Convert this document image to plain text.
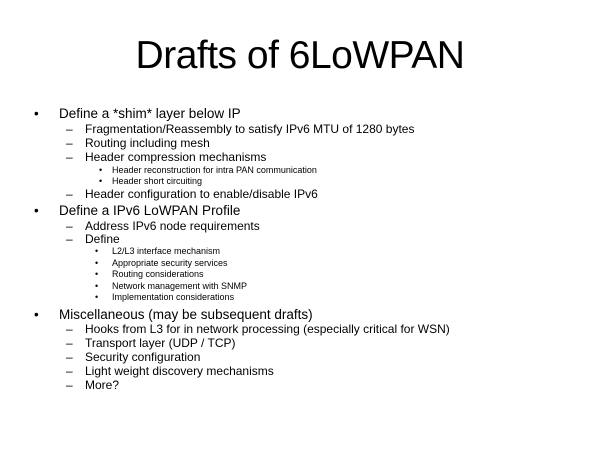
Drafts of 6LoWPAN
• Define a *shim* layer below IP
– Fragmentation/Reassembly to satisfy IPv6 MTU of 1280 bytes
– Routing including mesh
– Header compression mechanisms
• Header reconstruction for intra PAN communication
• Header short circuiting
– Header configuration to enable/disable IPv6
• Define a IPv6 LoWPAN Profile
– Address IPv6 node requirements
– Define
• L2/L3 interface mechanism
• Appropriate security services
• Routing considerations
• Network management with SNMP
• Implementation considerations
• Miscellaneous (may be subsequent drafts)
– Hooks from L3 for in network processing (especially critical for WSN)
– Transport layer (UDP / TCP)
– Security configuration
– Light weight discovery mechanisms
– More?
